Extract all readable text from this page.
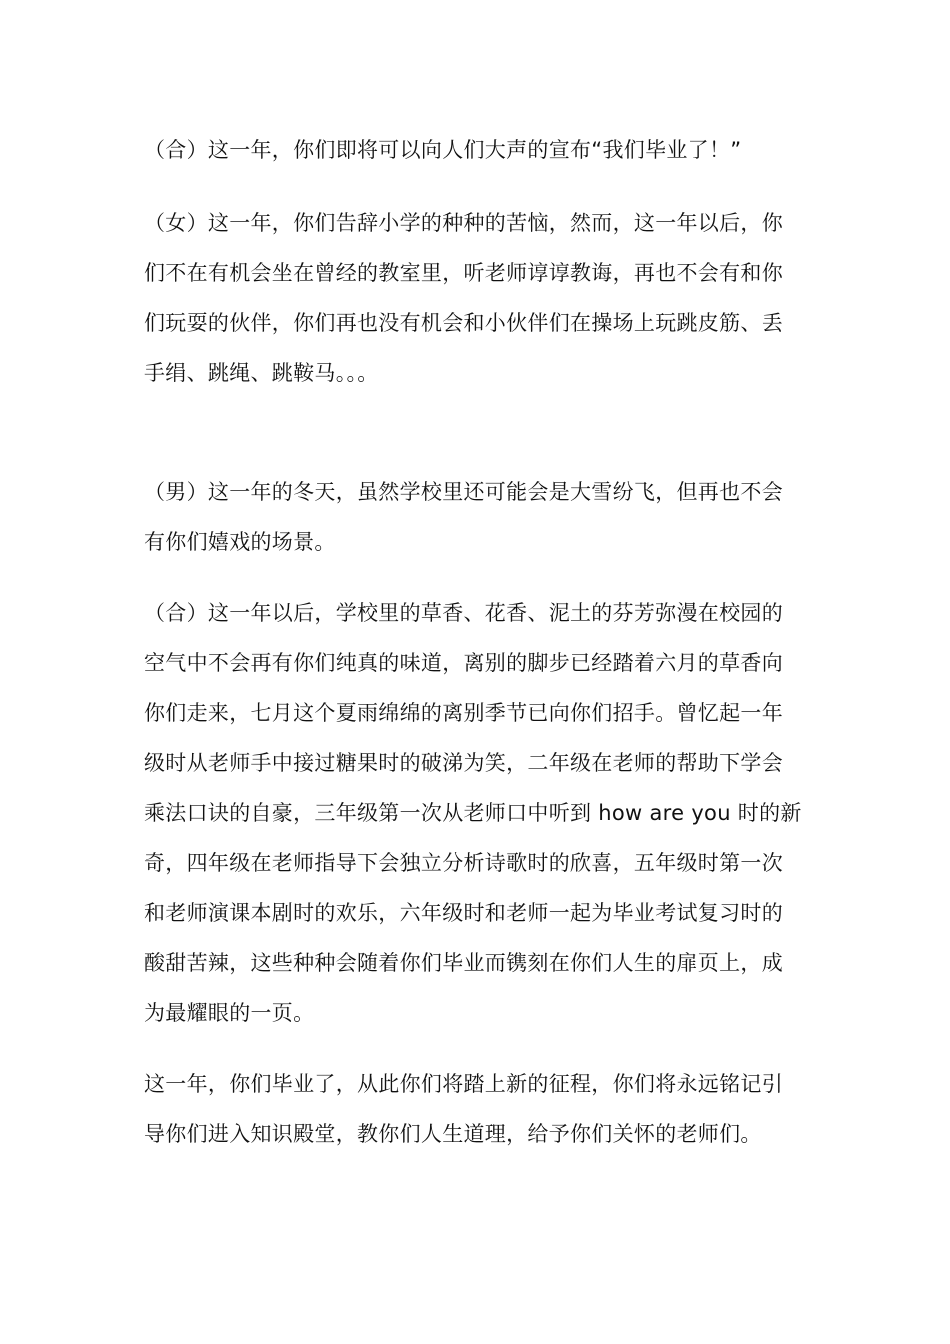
（合）这一年，你们即将可以向人们大声的宣布“我们毕业了！”
（女）这一年，你们告辞小学的种种的苦恼，然而，这一年以后，你
们不在有机会坐在曾经的教室里，听老师谆谆教诲，再也不会有和你
们玩耍的伙伴，你们再也没有机会和小伙伴们在操场上玩跳皮筋、丢
手绢、跳绳、跳鞍马。。。
（男）这一年的冬天，虽然学校里还可能会是大雪纷飞，但再也不会
有你们嬉戏的场景。
（合）这一年以后，学校里的草香、花香、泥土的芬芳弥漫在校园的
空气中不会再有你们纯真的味道，离别的脚步已经踏着六月的草香向
你们走来，七月这个夏雨绵绵的离别季节已向你们招手。曾忆起一年
级时从老师手中接过糖果时的破涕为笑，二年级在老师的帮助下学会
乘法口诀的自豪，三年级第一次从老师口中听到 how are you 时的新
奇，四年级在老师指导下会独立分析诗歌时的欣喜，五年级时第一次
和老师演课本剧时的欢乐，六年级时和老师一起为毕业考试复习时的
酸甜苦辣，这些种种会随着你们毕业而镌刻在你们人生的扉页上，成
为最耀眼的一页。
这一年，你们毕业了，从此你们将踏上新的征程，你们将永远铭记引
导你们进入知识殿堂，教你们人生道理，给予你们关怀的老师们。
